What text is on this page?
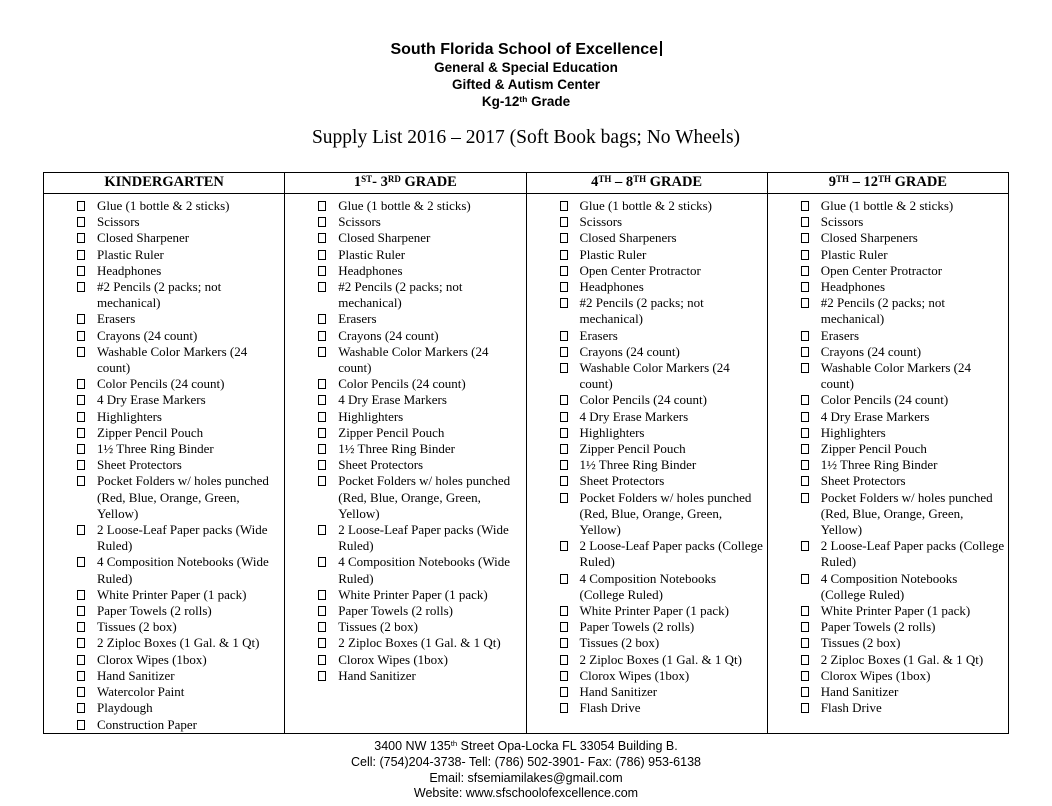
South Florida School of Excellence
General & Special Education
Gifted & Autism Center
Kg-12th Grade
Supply List 2016 – 2017 (Soft Book bags; No Wheels)
KINDERGARTEN	1ST- 3RD GRADE	4TH – 8TH GRADE	9TH – 12TH GRADE

Glue (1 bottle & 2 sticks)
Scissors
Closed Sharpener
Plastic Ruler
Headphones
#2 Pencils (2 packs; not mechanical)
Erasers
Crayons (24 count)
Washable Color Markers (24 count)
Color Pencils (24 count)
4 Dry Erase Markers
Highlighters
Zipper Pencil Pouch
1½ Three Ring Binder
Sheet Protectors
Pocket Folders w/ holes punched (Red, Blue, Orange, Green, Yellow)
2 Loose-Leaf Paper packs (Wide Ruled)
4 Composition Notebooks (Wide Ruled)
White Printer Paper (1 pack)
Paper Towels (2 rolls)
Tissues (2 box)
2 Ziploc Boxes (1 Gal. & 1 Qt)
Clorox Wipes (1box)
Hand Sanitizer
Watercolor Paint
Playdough
Construction Paper

Glue (1 bottle & 2 sticks)
Scissors
Closed Sharpener
Plastic Ruler
Headphones
#2 Pencils (2 packs; not mechanical)
Erasers
Crayons (24 count)
Washable Color Markers (24 count)
Color Pencils (24 count)
4 Dry Erase Markers
Highlighters
Zipper Pencil Pouch
1½ Three Ring Binder
Sheet Protectors
Pocket Folders w/ holes punched (Red, Blue, Orange, Green, Yellow)
2 Loose-Leaf Paper packs (Wide Ruled)
4 Composition Notebooks (Wide Ruled)
White Printer Paper (1 pack)
Paper Towels (2 rolls)
Tissues (2 box)
2 Ziploc Boxes (1 Gal. & 1 Qt)
Clorox Wipes (1box)
Hand Sanitizer

Glue (1 bottle & 2 sticks)
Scissors
Closed Sharpeners
Plastic Ruler
Open Center Protractor
Headphones
#2 Pencils (2 packs; not mechanical)
Erasers
Crayons (24 count)
Washable Color Markers (24 count)
Color Pencils (24 count)
4 Dry Erase Markers
Highlighters
Zipper Pencil Pouch
1½ Three Ring Binder
Sheet Protectors
Pocket Folders w/ holes punched (Red, Blue, Orange, Green, Yellow)
2 Loose-Leaf Paper packs (College Ruled)
4 Composition Notebooks (College Ruled)
White Printer Paper (1 pack)
Paper Towels (2 rolls)
Tissues (2 box)
2 Ziploc Boxes (1 Gal. & 1 Qt)
Clorox Wipes (1box)
Hand Sanitizer
Flash Drive

Glue (1 bottle & 2 sticks)
Scissors
Closed Sharpeners
Plastic Ruler
Open Center Protractor
Headphones
#2 Pencils (2 packs; not mechanical)
Erasers
Crayons (24 count)
Washable Color Markers (24 count)
Color Pencils (24 count)
4 Dry Erase Markers
Highlighters
Zipper Pencil Pouch
1½ Three Ring Binder
Sheet Protectors
Pocket Folders w/ holes punched (Red, Blue, Orange, Green, Yellow)
2 Loose-Leaf Paper packs (College Ruled)
4 Composition Notebooks (College Ruled)
White Printer Paper (1 pack)
Paper Towels (2 rolls)
Tissues (2 box)
2 Ziploc Boxes (1 Gal. & 1 Qt)
Clorox Wipes (1box)
Hand Sanitizer
Flash Drive
3400 NW 135th Street Opa-Locka FL 33054 Building B.
Cell: (754)204-3738- Tell: (786) 502-3901- Fax: (786) 953-6138
Email: sfsemiamilakes@gmail.com
Website: www.sfschoolofexcellence.com
